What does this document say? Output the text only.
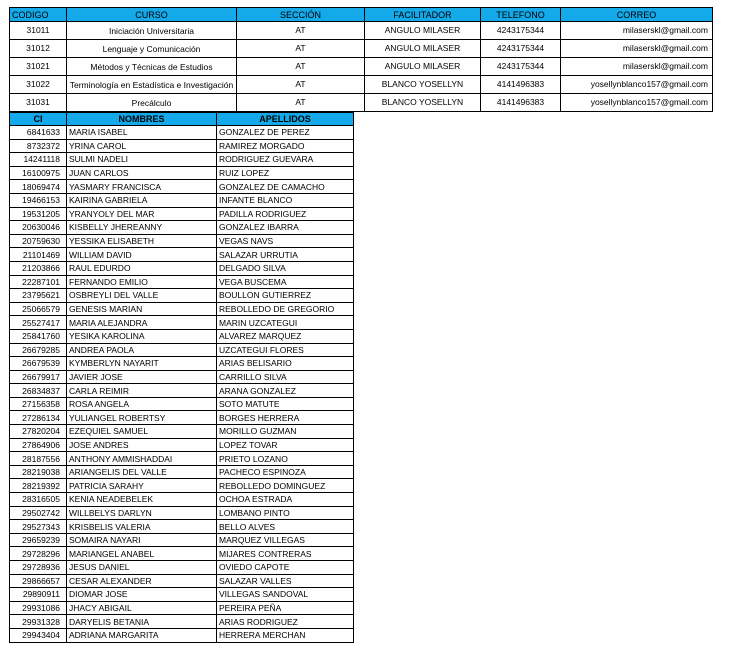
CODIGO	CURSO	SECCIÓN	FACILITADOR	TELEFONO	CORREO
31011	Iniciación Universitaria	AT	ANGULO MILASER	4243175344	milaserskl@gmail.com
31012	Lenguaje y Comunicación	AT	ANGULO MILASER	4243175344	milaserskl@gmail.com
31021	Métodos y Técnicas de Estudios	AT	ANGULO MILASER	4243175344	milaserskl@gmail.com
31022	Terminología en Estadística e Investigación	AT	BLANCO YOSELLYN	4141496383	yosellynblanco157@gmail.com
31031	Precálculo	AT	BLANCO YOSELLYN	4141496383	yosellynblanco157@gmail.com
CI	NOMBRES	APELLIDOS
6841633	MARIA ISABEL	GONZALEZ DE PEREZ
8732372	YRINA CAROL	RAMIREZ MORGADO
14241118	SULMI NADELI	RODRIGUEZ GUEVARA
16100975	JUAN CARLOS	RUIZ LOPEZ
18069474	YASMARY FRANCISCA	GONZALEZ DE CAMACHO
19466153	KAIRINA GABRIELA	INFANTE BLANCO
19531205	YRANYOLY DEL MAR	PADILLA RODRIGUEZ
20630046	KISBELLY JHEREANNY	GONZALEZ IBARRA
20759630	YESSIKA ELISABETH	VEGAS NAVS
21101469	WILLIAM DAVID	SALAZAR URRUTIA
21203866	RAUL EDURDO	DELGADO SILVA
22287101	FERNANDO EMILIO	VEGA BUSCEMA
23795621	OSBREYLI DEL VALLE	BOULLON GUTIERREZ
25066579	GENESIS MARIAN	REBOLLEDO DE GREGORIO
25527417	MARIA ALEJANDRA	MARIN UZCATEGUI
25841760	YESIKA KAROLINA	ALVAREZ MARQUEZ
26679285	ANDREA PAOLA	UZCATEGUI FLORES
26679539	KYMBERLYN NAYARIT	ARIAS BELISARIO
26679917	JAVIER JOSE	CARRILLO SILVA
26834837	CARLA REIMIR	ARANA GONZALEZ
27156358	ROSA ANGELA	SOTO MATUTE
27286134	YULIANGEL ROBERTSY	BORGES HERRERA
27820204	EZEQUIEL SAMUEL	MORILLO GUZMAN
27864906	JOSE ANDRES	LOPEZ TOVAR
28187556	ANTHONY AMMISHADDAI	PRIETO LOZANO
28219038	ARIANGELIS DEL VALLE	PACHECO ESPINOZA
28219392	PATRICIA SARAHY	REBOLLEDO DOMINGUEZ
28316505	KENIA NEADEBELEK	OCHOA ESTRADA
29502742	WILLBELYS DARLYN	LOMBANO PINTO
29527343	KRISBELIS VALERIA	BELLO ALVES
29659239	SOMAIRA NAYARI	MARQUEZ VILLEGAS
29728296	MARIANGEL ANABEL	MIJARES CONTRERAS
29728936	JESUS DANIEL	OVIEDO CAPOTE
29866657	CESAR ALEXANDER	SALAZAR VALLES
29890911	DIOMAR JOSE	VILLEGAS SANDOVAL
29931086	JHACY ABIGAIL	PEREIRA PEÑA
29931328	DARYELIS BETANIA	ARIAS RODRIGUEZ
29943404	ADRIANA MARGARITA	HERRERA MERCHAN
